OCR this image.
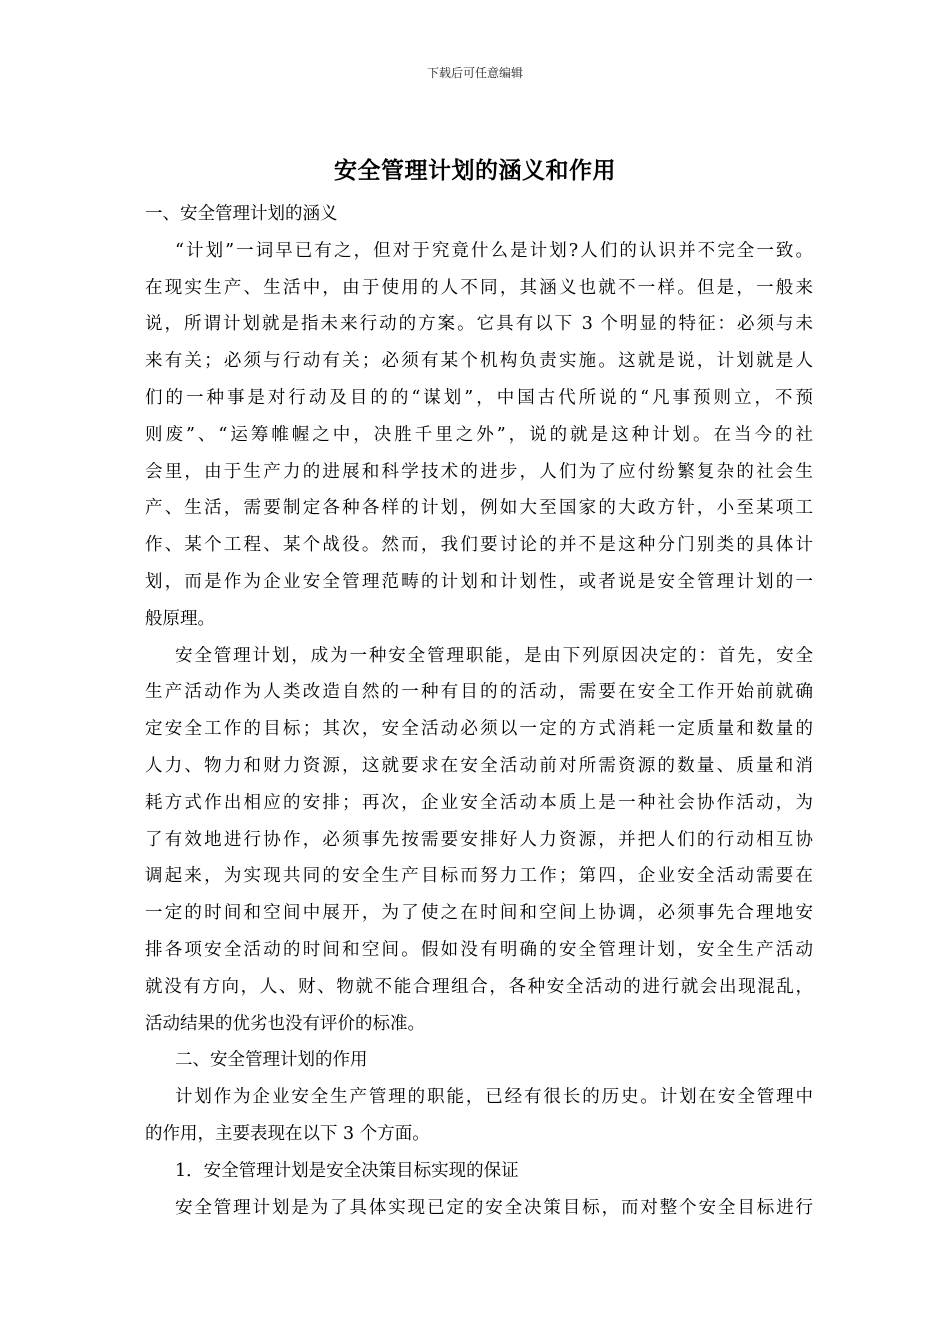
下载后可任意编辑
安全管理计划的涵义和作用
一、安全管理计划的涵义
“计划”一词早已有之，但对于究竟什么是计划?人们的认识并不完全一致。
在现实生产、生活中，由于使用的人不同，其涵义也就不一样。但是，一般来
说，所谓计划就是指未来行动的方案。它具有以下 3 个明显的特征：必须与未
来有关；必须与行动有关；必须有某个机构负责实施。这就是说，计划就是人
们的一种事是对行动及目的的“谋划”，中国古代所说的“凡事预则立，不预
则废”、“运筹帷幄之中，决胜千里之外”，说的就是这种计划。在当今的社
会里，由于生产力的进展和科学技术的进步，人们为了应付纷繁复杂的社会生
产、生活，需要制定各种各样的计划，例如大至国家的大政方针，小至某项工
作、某个工程、某个战役。然而，我们要讨论的并不是这种分门别类的具体计
划，而是作为企业安全管理范畴的计划和计划性，或者说是安全管理计划的一
般原理。
安全管理计划，成为一种安全管理职能，是由下列原因决定的：首先，安全
生产活动作为人类改造自然的一种有目的的活动，需要在安全工作开始前就确
定安全工作的目标；其次，安全活动必须以一定的方式消耗一定质量和数量的
人力、物力和财力资源，这就要求在安全活动前对所需资源的数量、质量和消
耗方式作出相应的安排；再次，企业安全活动本质上是一种社会协作活动，为
了有效地进行协作，必须事先按需要安排好人力资源，并把人们的行动相互协
调起来，为实现共同的安全生产目标而努力工作；第四，企业安全活动需要在
一定的时间和空间中展开，为了使之在时间和空间上协调，必须事先合理地安
排各项安全活动的时间和空间。假如没有明确的安全管理计划，安全生产活动
就没有方向，人、财、物就不能合理组合，各种安全活动的进行就会出现混乱，
活动结果的优劣也没有评价的标准。
二、安全管理计划的作用
计划作为企业安全生产管理的职能，已经有很长的历史。计划在安全管理中
的作用，主要表现在以下 3 个方面。
1．安全管理计划是安全决策目标实现的保证
安全管理计划是为了具体实现已定的安全决策目标，而对整个安全目标进行
